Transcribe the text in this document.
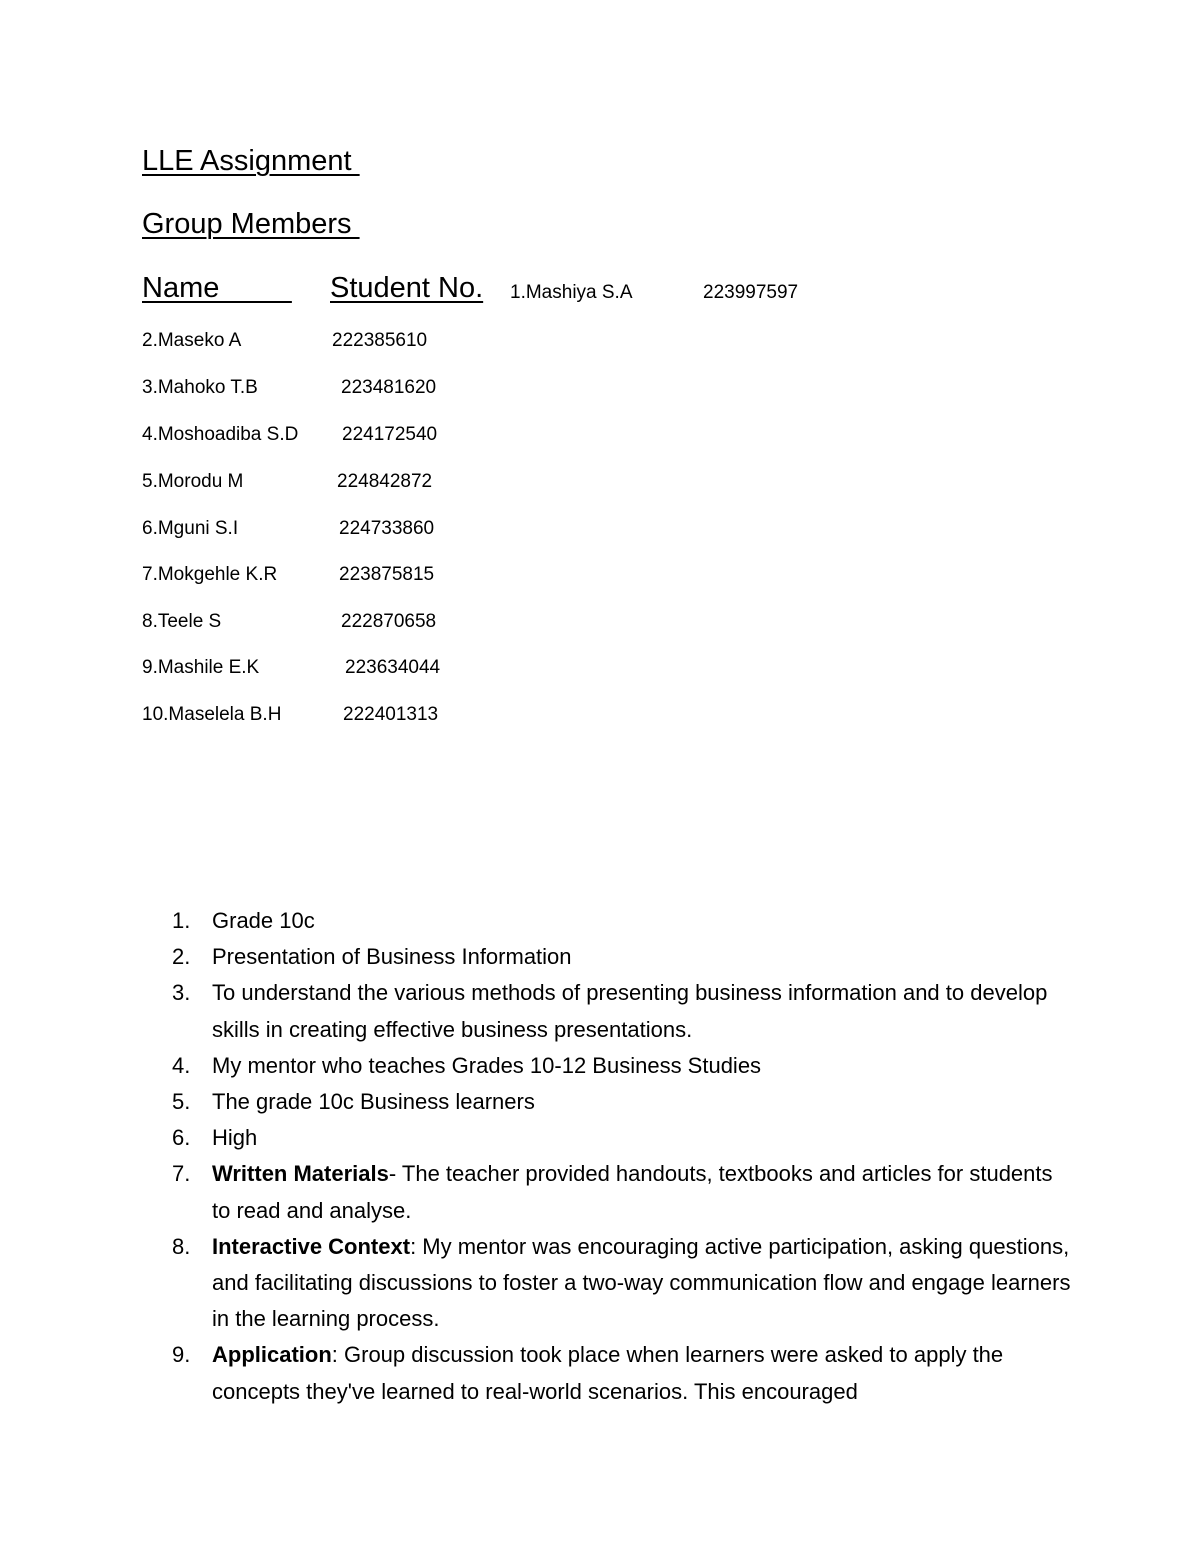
LLE Assignment
Group Members
Name Student No. 1.Mashiya S.A	223997597
2.Maseko A	222385610
3.Mahoko T.B	223481620
4.Moshoadiba S.D 224172540
5.Morodu M	224842872
6.Mguni S.I	224733860
7.Mokgehle K.R	223875815
8.Teele S	222870658
9.Mashile E.K	223634044
10.Maselela B.H	222401313
1. Grade 10c
2. Presentation of Business Information
3. To understand the various methods of presenting business information and to develop skills in creating effective business presentations.
4. My mentor who teaches Grades 10-12 Business Studies
5. The grade 10c Business learners
6. High
7. Written Materials- The teacher provided handouts, textbooks and articles for students to read and analyse.
8. Interactive Context: My mentor was encouraging active participation, asking questions, and facilitating discussions to foster a two-way communication flow and engage learners in the learning process.
9. Application: Group discussion took place when learners were asked to apply the concepts they've learned to real-world scenarios. This encouraged
